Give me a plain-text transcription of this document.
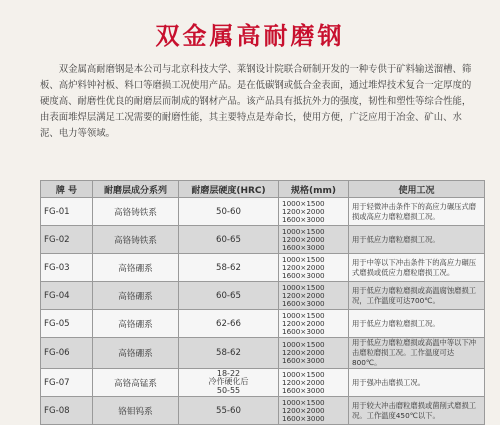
双金属高耐磨钢

双金属高耐磨钢是本公司与北京科技大学、莱钢设计院联合研制开发的一种专供于矿料输送溜槽、筛板、高炉料钟衬板、料口等磨损工况使用产品。是在低碳钢或低合金表面，通过堆焊技术复合一定厚度的硬度高、耐磨性优良的耐磨层而制成的钢材产品。该产品具有抵抗外力的强度，韧性和塑性等综合性能，由表面堆焊层满足工况需要的耐磨性能，其主要特点是寿命长，使用方便，广泛应用于冶金、矿山、水泥、电力等领域。

牌 号	耐磨层成分系列	耐磨层硬度(HRC)	规格(mm)	使用工况
FG-01	高铬铸铁系	50-60	1000×1500
1200×2000
1600×3000	用于轻微冲击条件下的高应力碾压式磨损或高应力磨粒磨损工况。
FG-02	高铬铸铁系	60-65	1000×1500
1200×2000
1600×3000	用于低应力磨粒磨损工况。
FG-03	高铬硼系	58-62	1000×1500
1200×2000
1600×3000	用于中等以下冲击条件下的高应力碾压式磨损或低应力磨粒磨损工况。
FG-04	高铬硼系	60-65	1000×1500
1200×2000
1600×3000	用于低应力磨粒磨损或高温腐蚀磨损工况，工作温度可达700℃。
FG-05	高铬硼系	62-66	1000×1500
1200×2000
1600×3000	用于低应力磨粒磨损工况。
FG-06	高铬硼系	58-62	1000×1500
1200×2000
1600×3000	用于低应力磨粒磨损或高温中等以下冲击磨粒磨损工况。工作温度可达800℃。
FG-07	高铬高锰系	18-22
冷作硬化后
50-55	1000×1500
1200×2000
1600×3000	用于强冲击磨损工况。
FG-08	铬钼钨系	55-60	1000×1500
1200×2000
1600×3000	用于较大冲击磨粒磨损或菌削式磨损工况。工作温度450℃以下。
